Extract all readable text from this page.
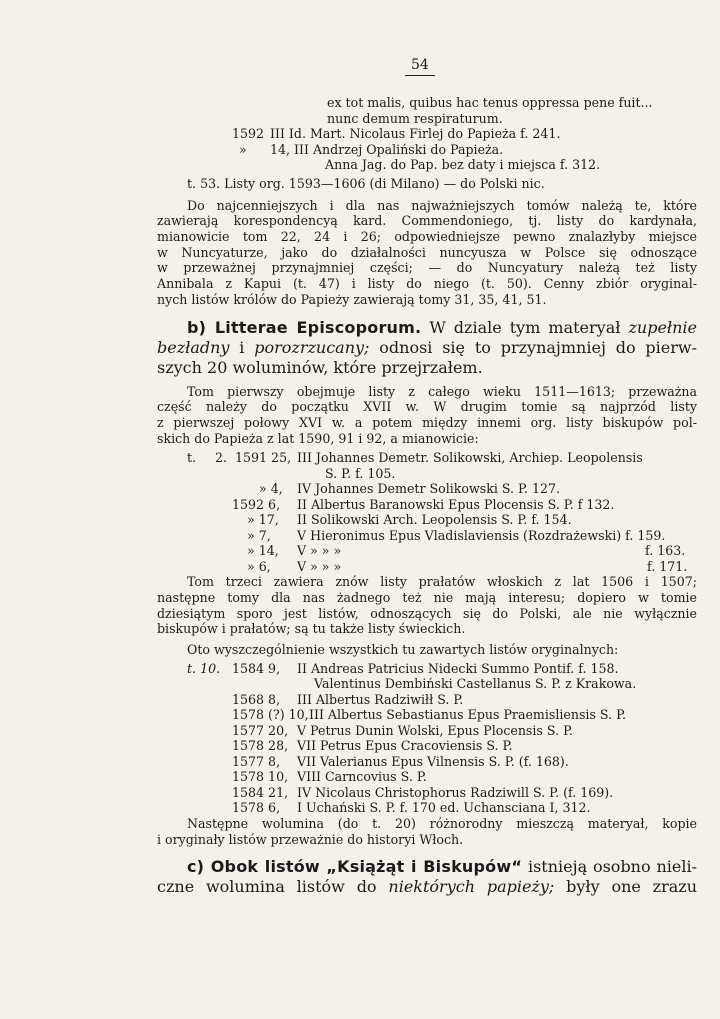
54
ex tot malis, quibus hac tenus oppressa pene fuit...
nunc demum respiraturum.
1592 III Id. Mart. Nicolaus Firlej do Papieża f. 241.
» 14, III Andrzej Opaliński do Papieża.
Anna Jag. do Pap. bez daty i miejsca f. 312.
t. 53. Listy org. 1593—1606 (di Milano) — do Polski nic.
Do najcenniejszych i dla nas najważniejszych tomów należą te, które
zawierają korespondencyą kard. Commendoniego, tj. listy do kardynała,
mianowicie tom 22, 24 i 26; odpowiedniejsze pewno znalazłyby miejsce
w Nuncyaturze, jako do działalności nuncyusza w Polsce się odnoszące
w przeważnej przynajmniej części; — do Nuncyatury należą też listy
Annibala z Kapui (t. 47) i listy do niego (t. 50). Cenny zbiór oryginal-
nych listów królów do Papieży zawierają tomy 31, 35, 41, 51.
b) Litterae Episcoporum. W dziale tym materyał zupełnie
bezładny i porozrzucany; odnosi się to przynajmniej do pierw-
szych 20 woluminów, które przejrzałem.
Tom pierwszy obejmuje listy z całego wieku 1511—1613; przeważna
część należy do początku XVII w. W drugim tomie są najprzód listy
z pierwszej połowy XVI w. a potem między innemi org. listy biskupów pol-
skich do Papieża z lat 1590, 91 i 92, a mianowicie:
t. 2. 1591 25, III Johannes Demetr. Solikowski, Archiep. Leopolensis
S. P. f. 105.
» 4, IV Johannes Demetr Solikowski S. P. 127.
1592 6, II Albertus Baranowski Epus Plocensis S. P. f 132.
» 17, II Solikowski Arch. Leopolensis S. P. f. 154.
» 7, V Hieronimus Epus Vladislaviensis (Rozdrażewski) f. 159.
» 14, V » » »	f. 163.
» 6, V » » »	f. 171.
Tom trzeci zawiera znów listy prałatów włoskich z lat 1506 i 1507;
następne tomy dla nas żadnego też nie mają interesu; dopiero w tomie
dziesiątym sporo jest listów, odnoszących się do Polski, ale nie wyłącznie
biskupów i prałatów; są tu także listy świeckich.
Oto wyszczególnienie wszystkich tu zawartych listów oryginalnych:
t. 10. 1584 9, II Andreas Patricius Nidecki Summo Pontif. f. 158.
Valentinus Dembiński Castellanus S. P. z Krakowa.
1568 8, III Albertus Radziwiłł S. P.
1578 (?) 10, III Albertus Sebastianus Epus Praemisliensis S. P.
1577 20, V Petrus Dunin Wolski, Epus Plocensis S. P.
1578 28, VII Petrus Epus Cracoviensis S. P.
1577 8, VII Valerianus Epus Vilnensis S. P. (f. 168).
1578 10, VIII Carncovius S. P.
1584 21, IV Nicolaus Christophorus Radziwill S. P. (f. 169).
1578 6, I Uchański S. P. f. 170 ed. Uchansciana I, 312.
Następne wolumina (do t. 20) różnorodny mieszczą materyał, kopie
i oryginały listów przeważnie do historyi Włoch.
c) Obok listów „Książąt i Biskupów“ istnieją osobno nieli-
czne wolumina listów do niektórych papieży; były one zrazu
